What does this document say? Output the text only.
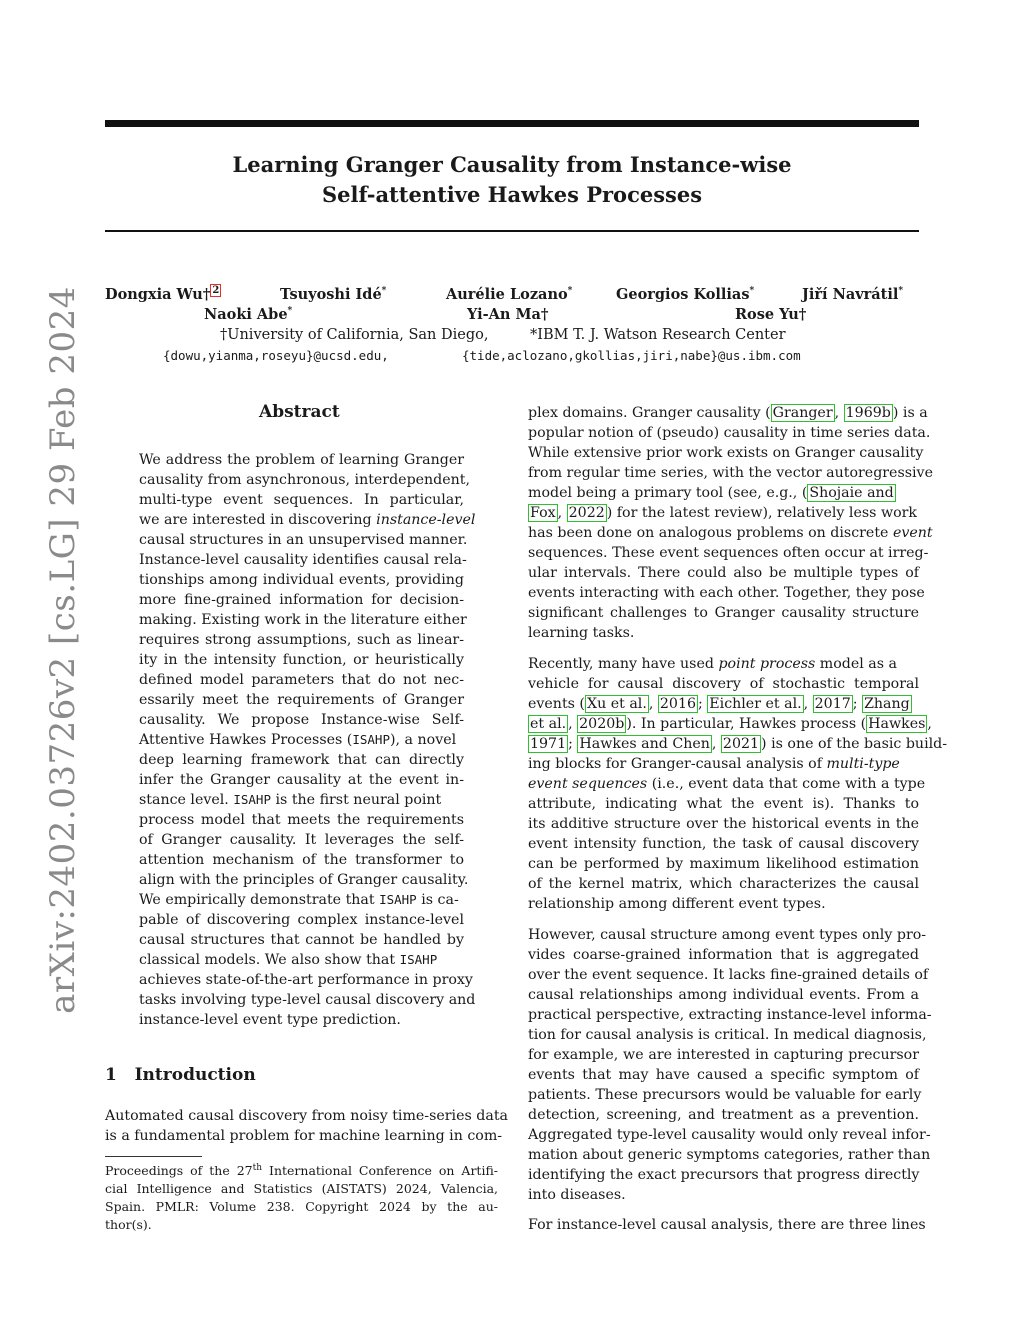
arXiv:2402.03726v2 [cs.LG] 29 Feb 2024
Learning Granger Causality from Instance-wise
Self-attentive Hawkes Processes
Dongxia Wu† $^2$	Tsuyoshi Idé*	Aurélie Lozano*	Georgios Kollias*	Jiří Navrátil*
Naoki Abe*	Yi-An Ma†	Rose Yu†
†University of California, San Diego,	*IBM T. J. Watson Research Center
{dowu,yianma,roseyu}@ucsd.edu,	{tide,aclozano,gkollias,jiri,nabe}@us.ibm.com
Abstract
We address the problem of learning Granger
causality from asynchronous, interdependent,
multi-type event sequences. In particular,
we are interested in discovering instance-level
causal structures in an unsupervised manner.
Instance-level causality identifies causal rela-
tionships among individual events, providing
more fine-grained information for decision-
making. Existing work in the literature either
requires strong assumptions, such as linear-
ity in the intensity function, or heuristically
defined model parameters that do not nec-
essarily meet the requirements of Granger
causality. We propose Instance-wise Self-
Attentive Hawkes Processes (ISAHP), a novel
deep learning framework that can directly
infer the Granger causality at the event in-
stance level. ISAHP is the first neural point
process model that meets the requirements
of Granger causality. It leverages the self-
attention mechanism of the transformer to
align with the principles of Granger causality.
We empirically demonstrate that ISAHP is ca-
pable of discovering complex instance-level
causal structures that cannot be handled by
classical models. We also show that ISAHP
achieves state-of-the-art performance in proxy
tasks involving type-level causal discovery and
instance-level event type prediction.
1 Introduction
Automated causal discovery from noisy time-series data
is a fundamental problem for machine learning in com-
Proceedings of the 27th International Conference on Artifi-
cial Intelligence and Statistics (AISTATS) 2024, Valencia,
Spain. PMLR: Volume 238. Copyright 2024 by the au-
thor(s).
plex domains. Granger causality ( Granger , 1969b ) is a
popular notion of (pseudo) causality in time series data.
While extensive prior work exists on Granger causality
from regular time series, with the vector autoregressive
model being a primary tool (see, e.g., ( Shojaie and
Fox , 2022 ) for the latest review), relatively less work
has been done on analogous problems on discrete event
sequences. These event sequences often occur at irreg-
ular intervals. There could also be multiple types of
events interacting with each other. Together, they pose
significant challenges to Granger causality structure
learning tasks.
Recently, many have used point process model as a
vehicle for causal discovery of stochastic temporal
events ( Xu et al. , 2016 ; Eichler et al. , 2017 ; Zhang
et al. , 2020b ). In particular, Hawkes process ( Hawkes ,
1971 ; Hawkes and Chen , 2021 ) is one of the basic build-
ing blocks for Granger-causal analysis of multi-type
event sequences (i.e., event data that come with a type
attribute, indicating what the event is). Thanks to
its additive structure over the historical events in the
event intensity function, the task of causal discovery
can be performed by maximum likelihood estimation
of the kernel matrix, which characterizes the causal
relationship among different event types.
However, causal structure among event types only pro-
vides coarse-grained information that is aggregated
over the event sequence. It lacks fine-grained details of
causal relationships among individual events. From a
practical perspective, extracting instance-level informa-
tion for causal analysis is critical. In medical diagnosis,
for example, we are interested in capturing precursor
events that may have caused a specific symptom of
patients. These precursors would be valuable for early
detection, screening, and treatment as a prevention.
Aggregated type-level causality would only reveal infor-
mation about generic symptoms categories, rather than
identifying the exact precursors that progress directly
into diseases.
For instance-level causal analysis, there are three lines
